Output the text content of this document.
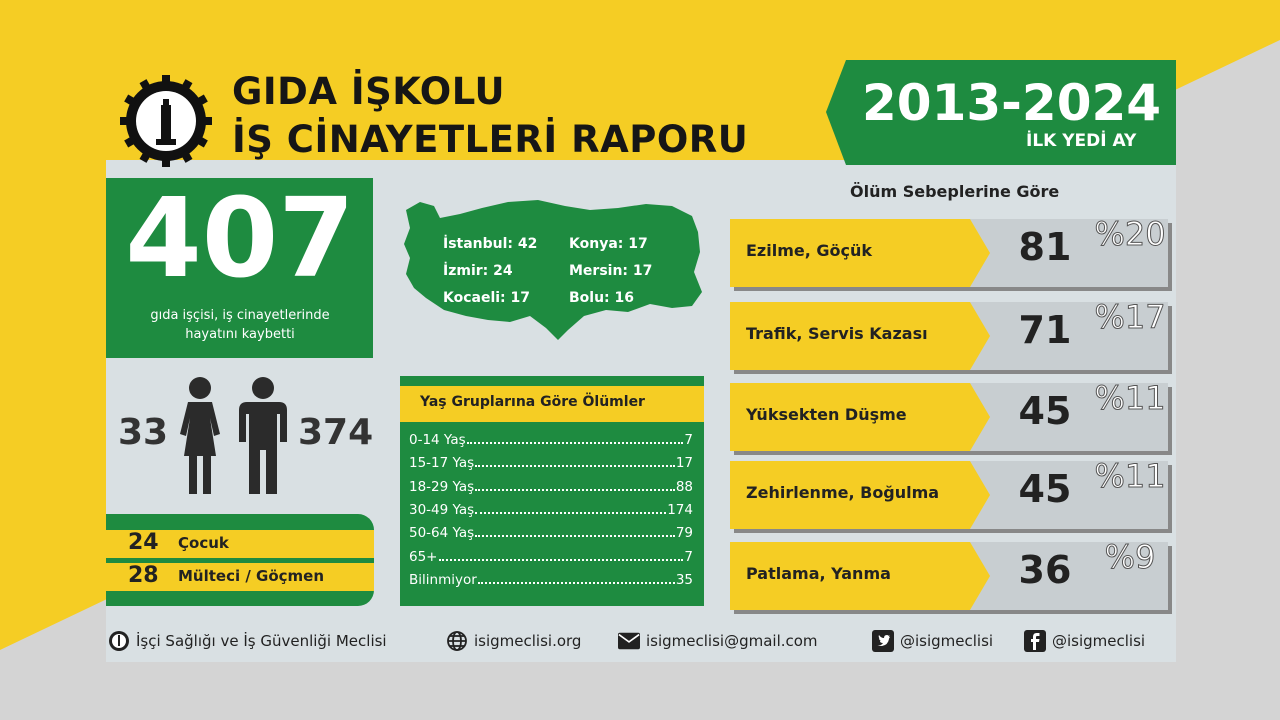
GIDA İŞKOLU
İŞ CİNAYETLERİ RAPORU
2013-2024
İLK YEDİ AY
407
gıda işçisi, iş cinayetlerinde
hayatını kaybetti
33	374
24 Çocuk
28 Mülteci / Göçmen
İstanbul: 42 Konya: 17
İzmir: 24	Mersin: 17
Kocaeli: 17	Bolu: 16
Yaş Gruplarına Göre Ölümler
0-14 Yaş	7
15-17 Yaş	17
18-29 Yaş	88
30-49 Yaş	174
50-64 Yaş	79
65+	7
Bilinmiyor	35
Ölüm Sebeplerine Göre
Ezilme, Göçük	81 %20
Trafik, Servis Kazası	71 %17
Yüksekten Düşme	45 %11
Zehirlenme, Boğulma	45 %11
Patlama, Yanma	36	%9
İşçi Sağlığı ve İş Güvenliği Meclisi	isigmeclisi.org	isigmeclisi@gmail.com	@isigmeclisi	@isigmeclisi
